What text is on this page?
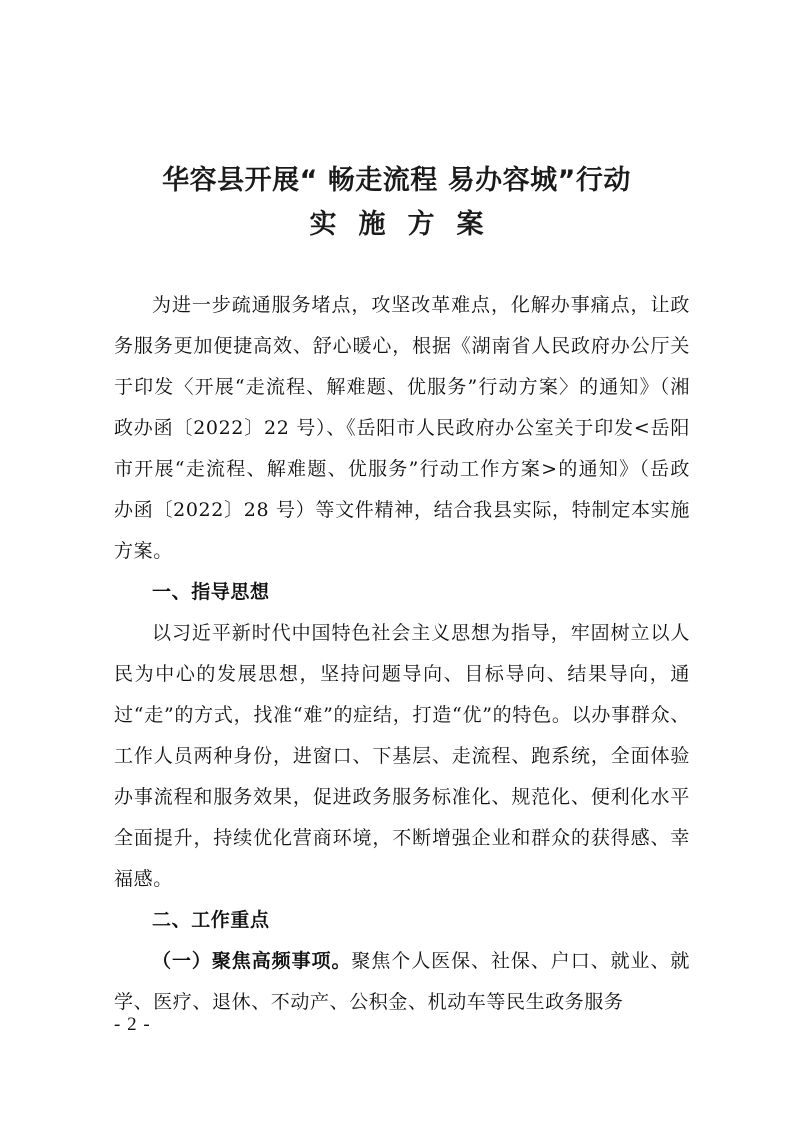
华容县开展“ 畅走流程 易办容城”行动
实施方案

为进一步疏通服务堵点，攻坚改革难点，化解办事痛点，让政务服务更加便捷高效、舒心暖心，根据《湖南省人民政府办公厅关于印发〈开展“走流程、解难题、优服务”行动方案〉的通知》（湘政办函〔2022〕22 号）、《岳阳市人民政府办公室关于印发<岳阳市开展“走流程、解难题、优服务”行动工作方案>的通知》（岳政办函〔2022〕28 号）等文件精神，结合我县实际，特制定本实施方案。

一、指导思想

以习近平新时代中国特色社会主义思想为指导，牢固树立以人民为中心的发展思想，坚持问题导向、目标导向、结果导向，通过“走”的方式，找准“难”的症结，打造“优”的特色。以办事群众、工作人员两种身份，进窗口、下基层、走流程、跑系统，全面体验办事流程和服务效果，促进政务服务标准化、规范化、便利化水平全面提升，持续优化营商环境，不断增强企业和群众的获得感、幸福感。

二、工作重点

（一）聚焦高频事项。聚焦个人医保、社保、户口、就业、就学、医疗、退休、不动产、公积金、机动车等民生政务服务

- 2 -
